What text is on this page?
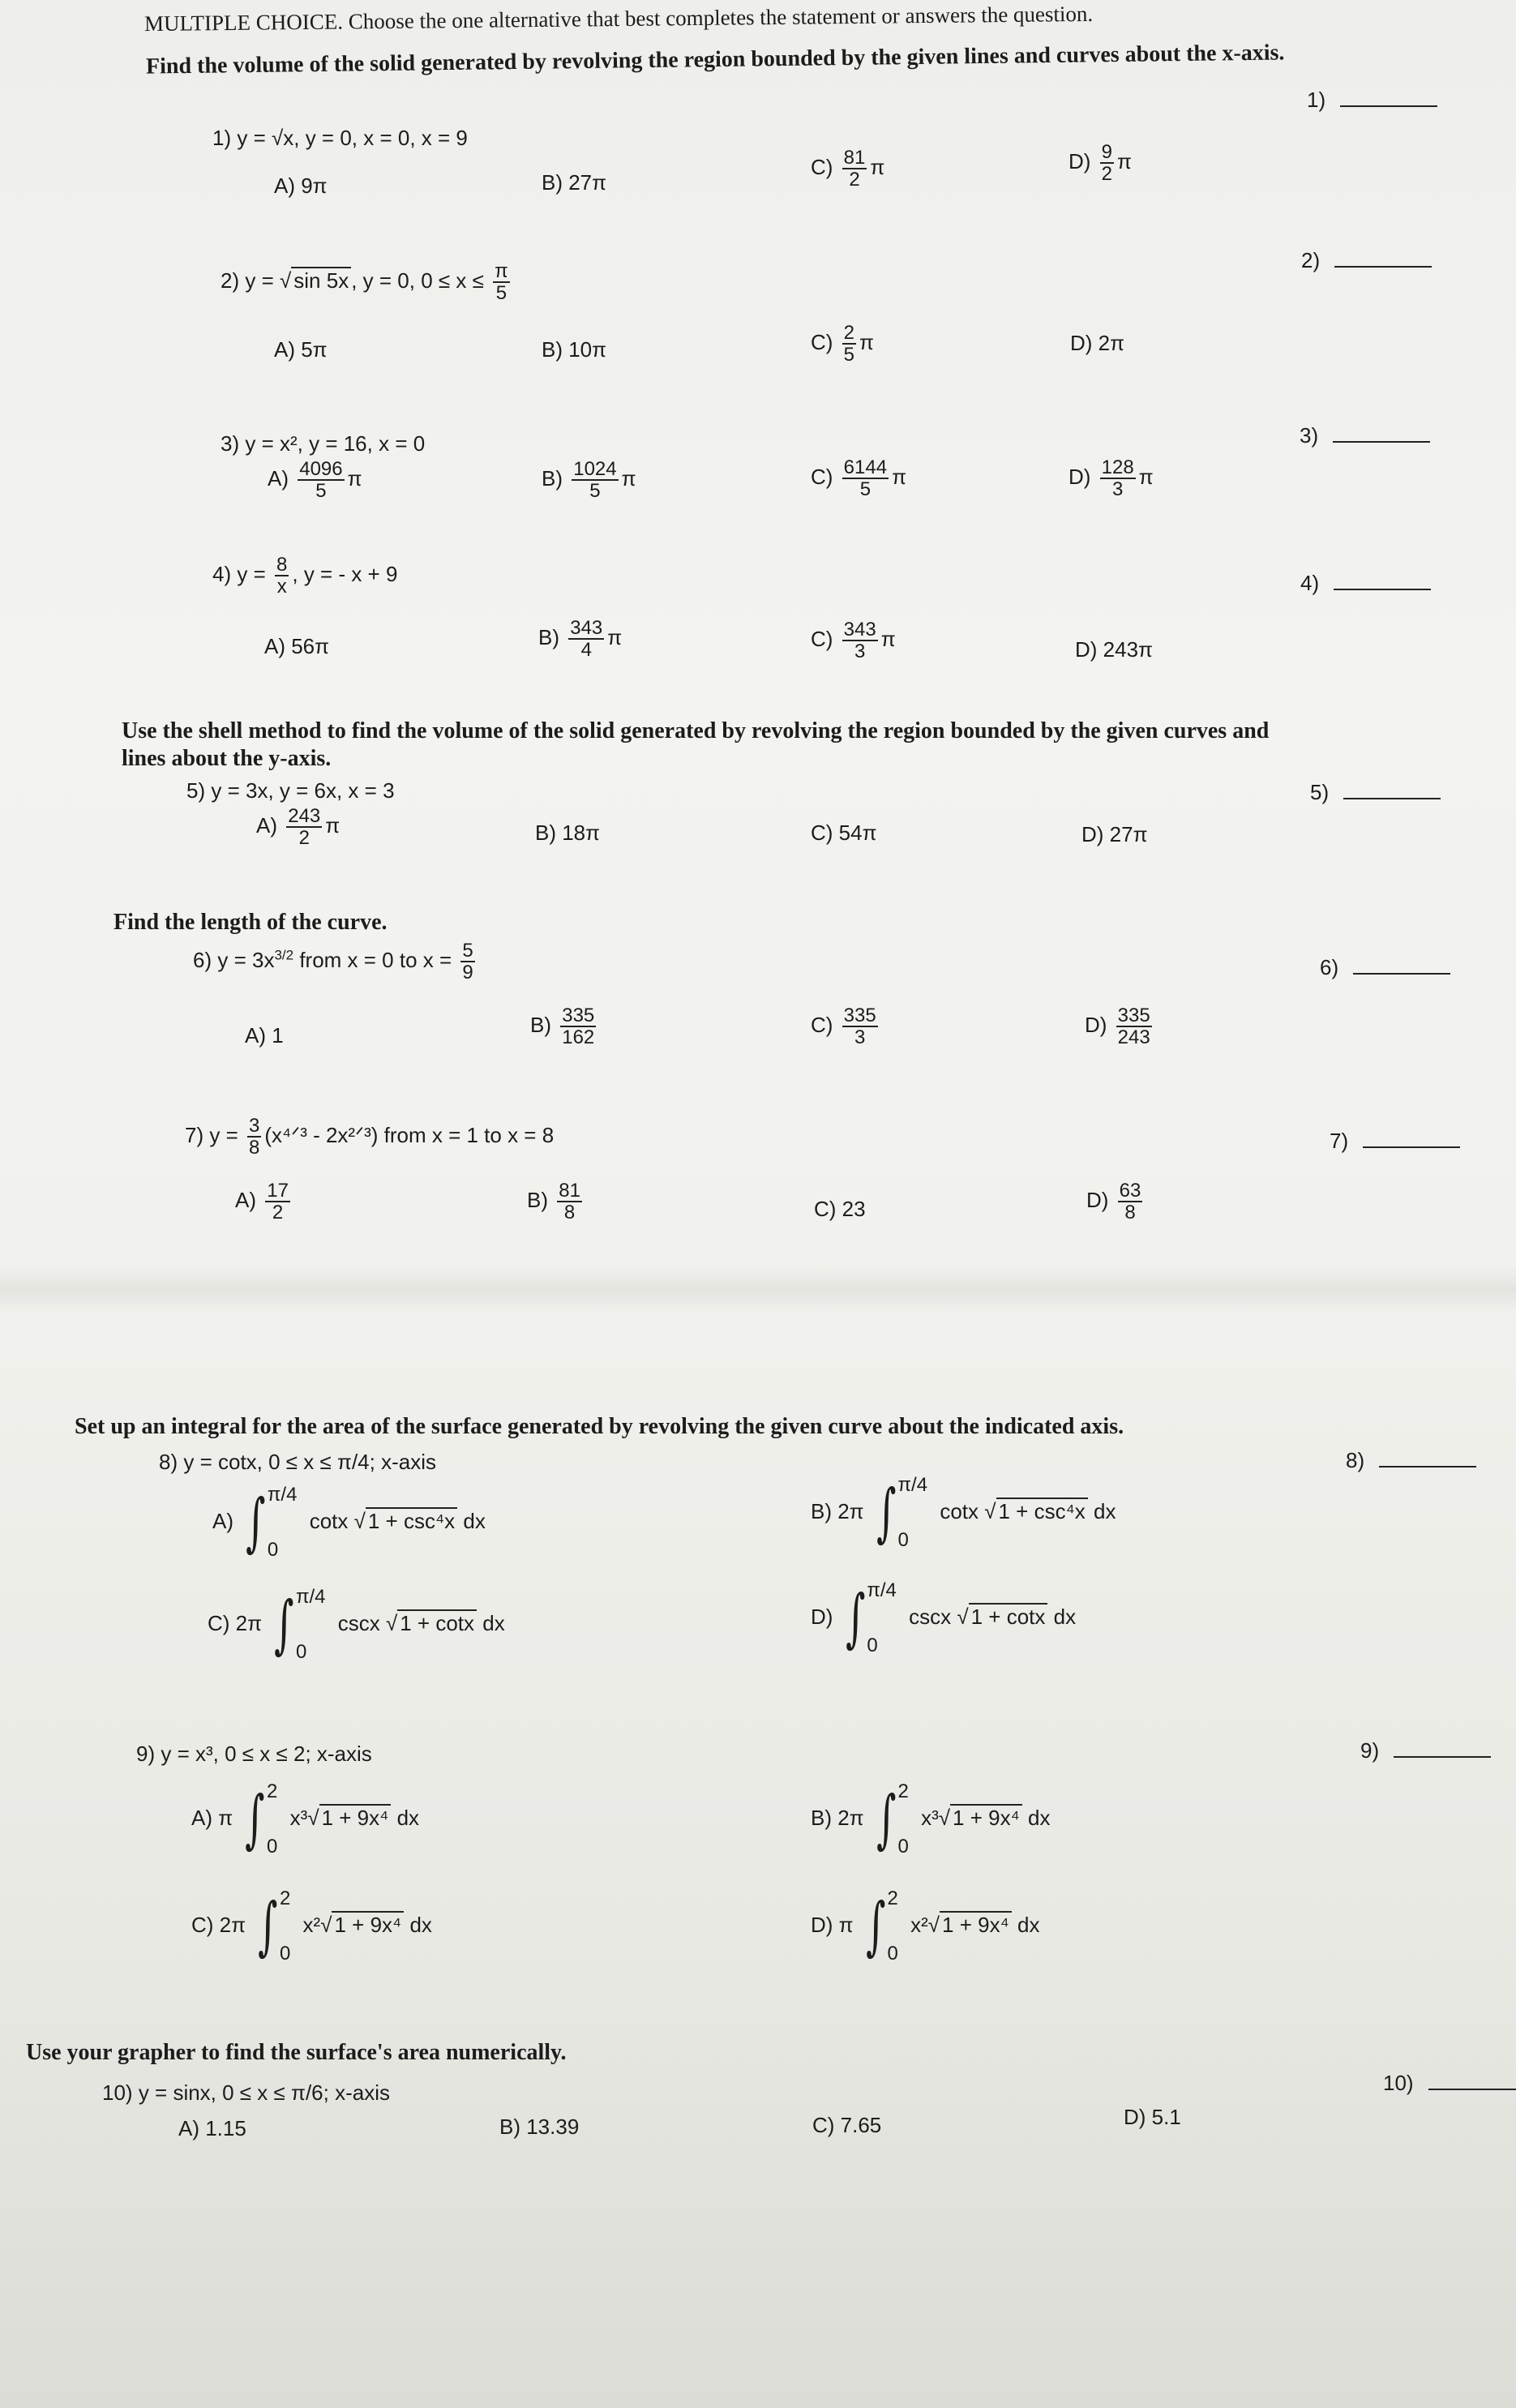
MULTIPLE CHOICE. Choose the one alternative that best completes the statement or answers the question.
Find the volume of the solid generated by revolving the region bounded by the given lines and curves about the x-axis.
1) y = √x, y = 0, x = 0, x = 9
1)
A) 9π	B) 27π
$C) \frac{81}{2}$ π	$D) \frac{9}{2}$ π
2) y = √ sin 5x , y = 0, $0 \le x \le \frac{\pi}{5}$
2)
A) 5π	B) 10π	$C) \frac{2}{5}$ π	D) 2π
3) y = x², y = 16, x = 0	3)
$A) \frac{4096}{5}$ π	$B) \frac{1024}{5}$ π	$C) \frac{6144}{5}$ π	$D) \frac{128}{3}$ π
4) $y = \frac{8}{x}$ , y = - x + 9	4)
A) 56π	$B) \frac{343}{4}$ π	$C) \frac{343}{3}$ π	D) 243π
Use the shell method to find the volume of the solid generated by revolving the region bounded by the given curves and
lines about the y-axis.
5) y = 3x, y = 6x, x = 3	5)
$A) \frac{243}{2}$ π	B) 18π	C) 54π	D) 27π
Find the length of the curve.
6) $y = 3x^{3/2}$ from x = 0 to $x = \frac{5}{9}$	6)
A) 1	$B) \frac{335}{162}$	$C) \frac{335}{3}$	$D) \frac{335}{243}$
7) $y = \frac{3}{8}$ (x⁴ᐟ³ - 2x²ᐟ³) from x = 1 to x = 8	7)
$A) \frac{17}{2}$	$B) \frac{81}{8}$	C) 23	$D) \frac{63}{8}$
Set up an integral for the area of the surface generated by revolving the given curve about the indicated axis.
8) y = cotx, 0 ≤ x ≤ π/4; x-axis	8)
A) ∫ π/4
0
cotx √ 1 + csc⁴x dx	B) 2π ∫ π/4
0
cotx √ 1 + csc⁴x dx
C) 2π ∫ π/4
0
cscx √ 1 + cotx dx	D) ∫ π/4
0
cscx √ 1 + cotx dx
9) y = x³, 0 ≤ x ≤ 2; x-axis	9)
A) π ∫ 2
0
x³√ 1 + 9x⁴ dx	B) 2π ∫ 2
0
x³√ 1 + 9x⁴ dx
C) 2π ∫ 2
0
x²√ 1 + 9x⁴ dx	D) π ∫ 2
0
x²√ 1 + 9x⁴ dx
Use your grapher to find the surface's area numerically.
10) y = sinx, 0 ≤ x ≤ π/6; x-axis	10)
A) 1.15	B) 13.39	C) 7.65	D) 5.1
